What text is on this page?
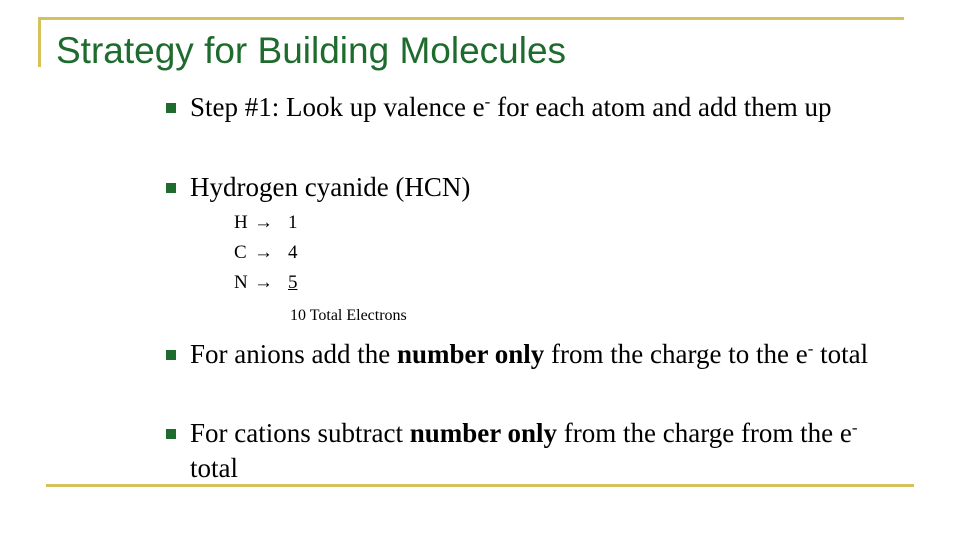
Strategy for Building Molecules
Step #1: Look up valence e- for each atom and add them up
Hydrogen cyanide (HCN)
H → 1
C → 4
N → 5
10 Total Electrons
For anions add the number only from the charge to the e- total
For cations subtract number only from the charge from the e- total
